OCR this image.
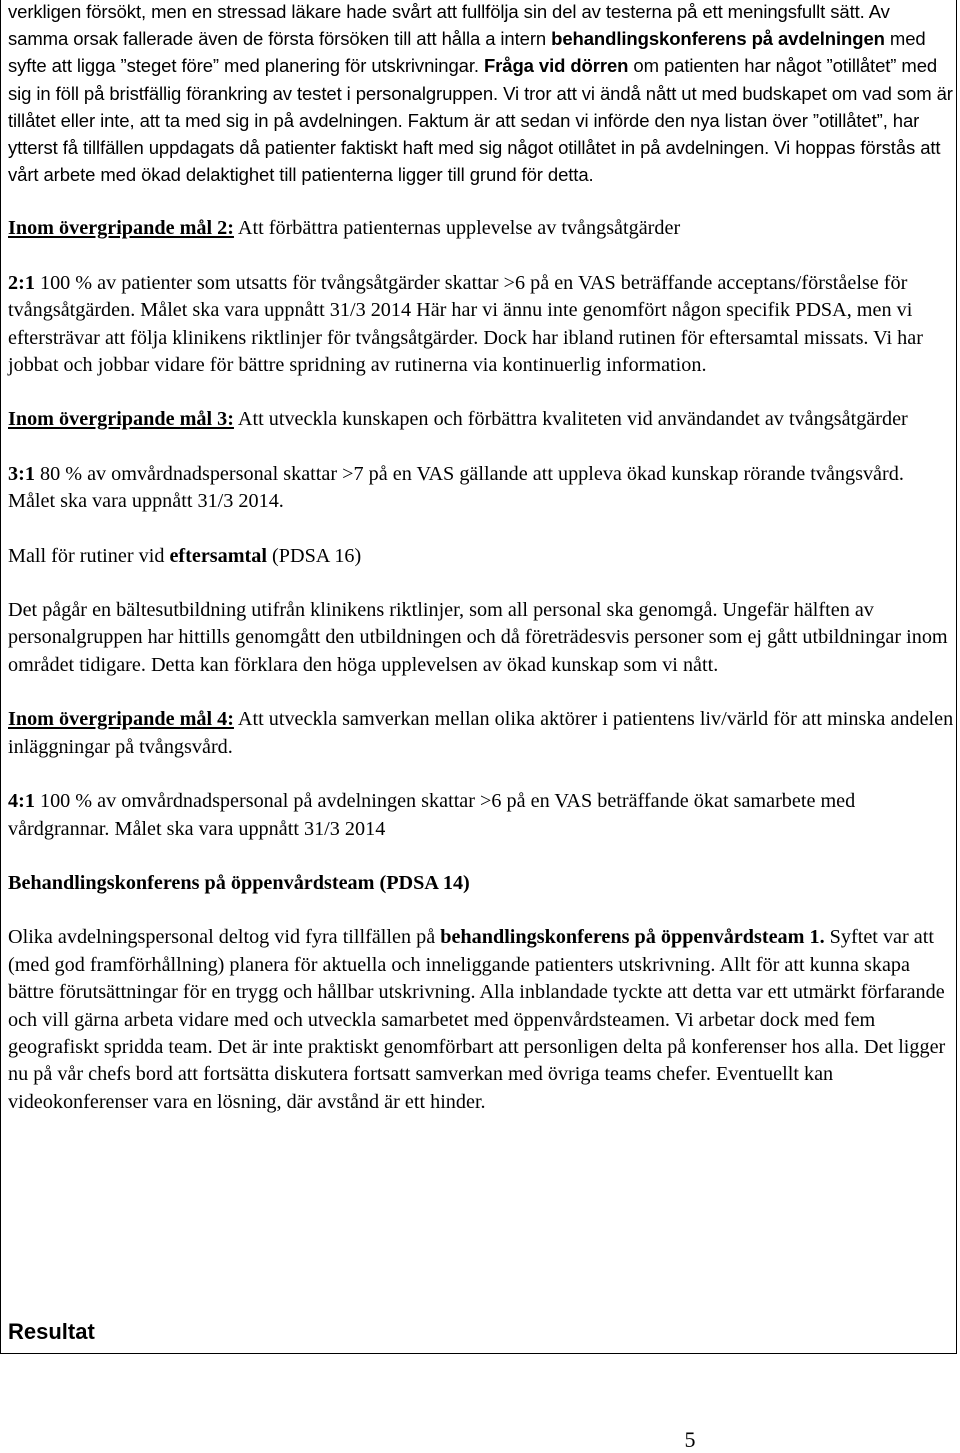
verkligen försökt, men en stressad läkare hade svårt att fullfölja sin del av testerna på ett meningsfullt sätt. Av samma orsak fallerade även de första försöken till att hålla a intern behandlingskonferens på avdelningen med syfte att ligga ”steget före” med planering för utskrivningar. Fråga vid dörren om patienten har något ”otillåtet” med sig in föll på bristfällig förankring av testet i personalgruppen. Vi tror att vi ändå nått ut med budskapet om vad som är tillåtet eller inte, att ta med sig in på avdelningen. Faktum är att sedan vi införde den nya listan över ”otillåtet”, har ytterst få tillfällen uppdagats då patienter faktiskt haft med sig något otillåtet in på avdelningen. Vi hoppas förstås att vårt arbete med ökad delaktighet till patienterna ligger till grund för detta.

Inom övergripande mål 2: Att förbättra patienternas upplevelse av tvångsåtgärder

2:1 100 % av patienter som utsatts för tvångsåtgärder skattar >6 på en VAS beträffande acceptans/förståelse för tvångsåtgärden. Målet ska vara uppnått 31/3 2014 Här har vi ännu inte genomfört någon specifik PDSA, men vi eftersträvar att följa klinikens riktlinjer för tvångsåtgärder. Dock har ibland rutinen för eftersamtal missats. Vi har jobbat och jobbar vidare för bättre spridning av rutinerna via kontinuerlig information.

Inom övergripande mål 3: Att utveckla kunskapen och förbättra kvaliteten vid användandet av tvångsåtgärder

3:1 80 % av omvårdnadspersonal skattar >7 på en VAS gällande att uppleva ökad kunskap rörande tvångsvård. Målet ska vara uppnått 31/3 2014.

Mall för rutiner vid eftersamtal (PDSA 16)

Det pågår en bältesutbildning utifrån klinikens riktlinjer, som all personal ska genomgå. Ungefär hälften av personalgruppen har hittills genomgått den utbildningen och då företrädesvis personer som ej gått utbildningar inom området tidigare. Detta kan förklara den höga upplevelsen av ökad kunskap som vi nått.

Inom övergripande mål 4: Att utveckla samverkan mellan olika aktörer i patientens liv/värld för att minska andelen inläggningar på tvångsvård.

4:1 100 % av omvårdnadspersonal på avdelningen skattar >6 på en VAS beträffande ökat samarbete med vårdgrannar. Målet ska vara uppnått 31/3 2014

Behandlingskonferens på öppenvårdsteam (PDSA 14)

Olika avdelningspersonal deltog vid fyra tillfällen på behandlingskonferens på öppenvårdsteam 1. Syftet var att (med god framförhållning) planera för aktuella och inneliggande patienters utskrivning. Allt för att kunna skapa bättre förutsättningar för en trygg och hållbar utskrivning. Alla inblandade tyckte att detta var ett utmärkt förfarande och vill gärna arbeta vidare med och utveckla samarbetet med öppenvårdsteamen. Vi arbetar dock med fem geografiskt spridda team. Det är inte praktiskt genomförbart att personligen delta på konferenser hos alla. Det ligger nu på vår chefs bord att fortsätta diskutera fortsatt samverkan med övriga teams chefer. Eventuellt kan videokonferenser vara en lösning, där avstånd är ett hinder.

Resultat
5
